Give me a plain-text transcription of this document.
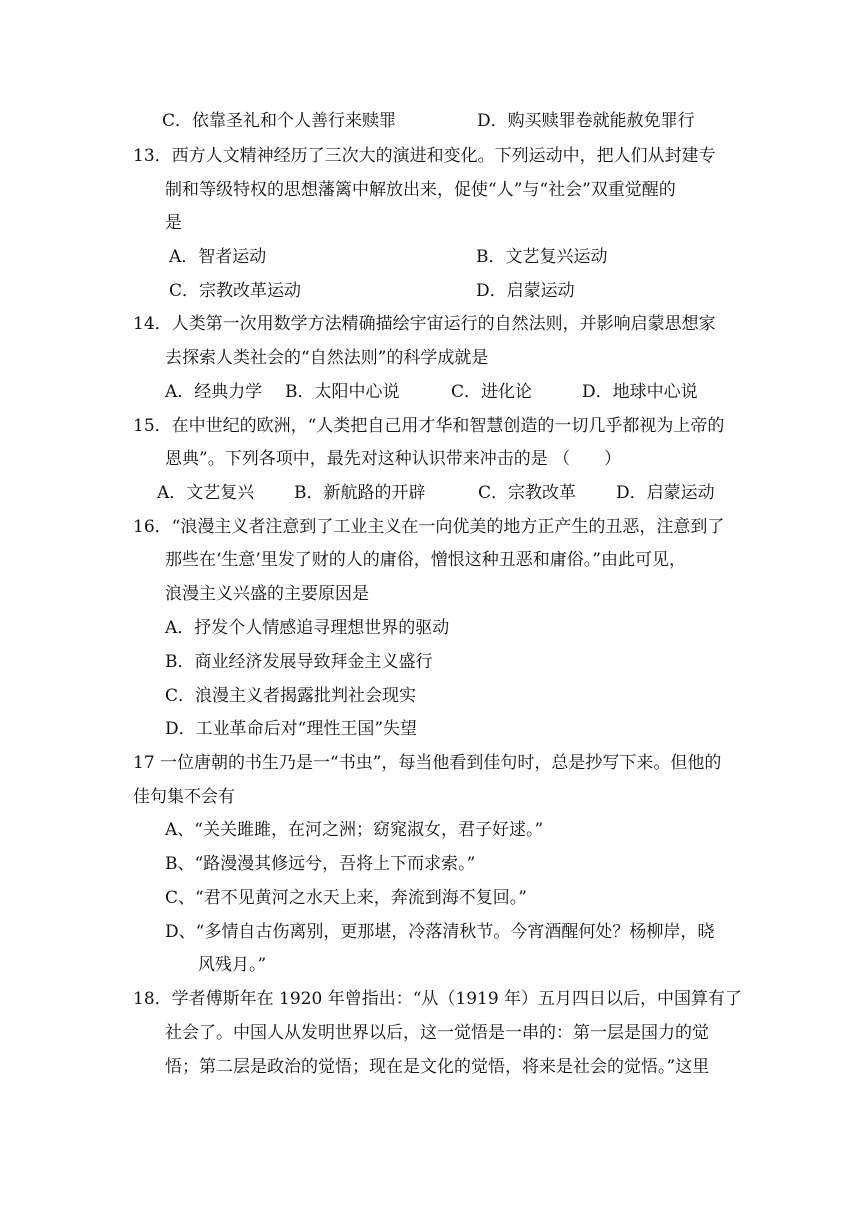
C．依靠圣礼和个人善行来赎罪	D．购买赎罪卷就能赦免罪行
13．西方人文精神经历了三次大的演进和变化。下列运动中，把人们从封建专
制和等级特权的思想藩篱中解放出来，促使“人”与“社会”双重觉醒的
是
A．智者运动	B．文艺复兴运动
C．宗教改革运动	D．启蒙运动
14．人类第一次用数学方法精确描绘宇宙运行的自然法则，并影响启蒙思想家
去探索人类社会的“自然法则”的科学成就是
A．经典力学 B．太阳中心说	C．进化论	D．地球中心说
15．在中世纪的欧洲，“人类把自己用才华和智慧创造的一切几乎都视为上帝的
恩典”。下列各项中，最先对这种认识带来冲击的是 （　　）
A．文艺复兴 B．新航路的开辟	C．宗教改革 D．启蒙运动
16．“浪漫主义者注意到了工业主义在一向优美的地方正产生的丑恶，注意到了
那些在‘生意’里发了财的人的庸俗，憎恨这种丑恶和庸俗。”由此可见，
浪漫主义兴盛的主要原因是
A．抒发个人情感追寻理想世界的驱动
B．商业经济发展导致拜金主义盛行
C．浪漫主义者揭露批判社会现实
D．工业革命后对“理性王国”失望
17 一位唐朝的书生乃是一“书虫”，每当他看到佳句时，总是抄写下来。但他的
佳句集不会有
A、“关关雎雎，在河之洲；窈窕淑女，君子好逑。”
B、“路漫漫其修远兮，吾将上下而求索。”
C、“君不见黄河之水天上来，奔流到海不复回。”
D、“多情自古伤离别，更那堪，冷落清秋节。今宵酒醒何处？杨柳岸，晓
风残月。”
18．学者傅斯年在 1920 年曾指出：“从（1919 年）五月四日以后，中国算有了
社会了。中国人从发明世界以后，这一觉悟是一串的：第一层是国力的觉
悟；第二层是政治的觉悟；现在是文化的觉悟，将来是社会的觉悟。”这里
